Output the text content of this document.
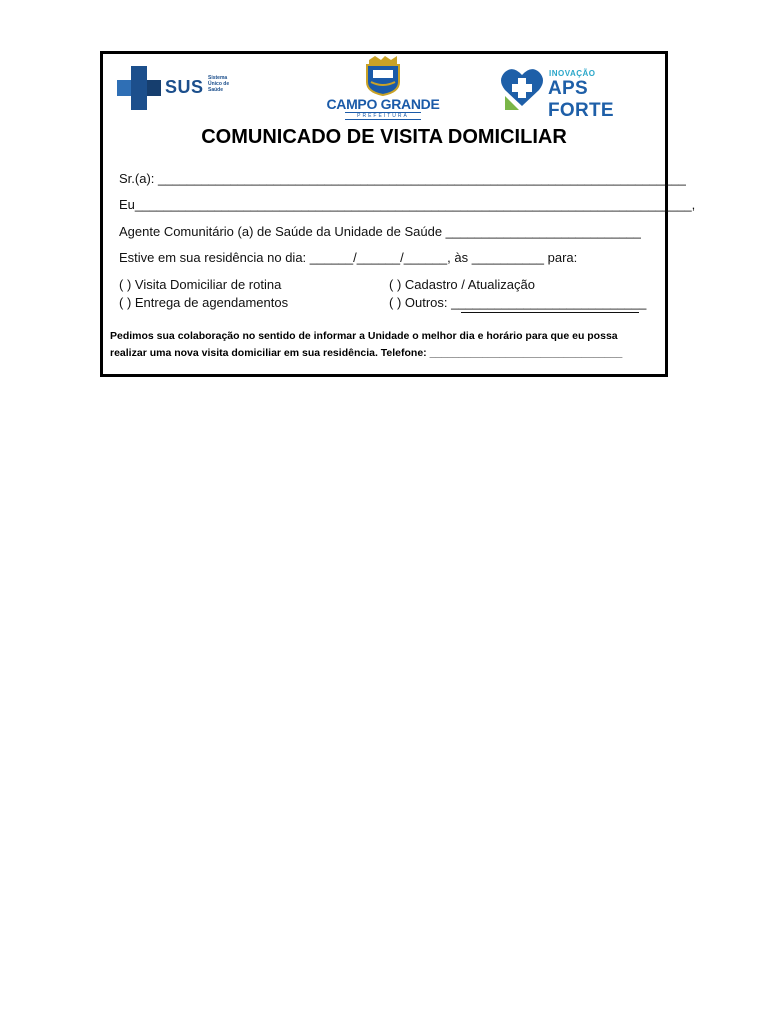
SUS Sistema Único de Saúde
CAMPO GRANDE
PREFEITURA
INOVAÇÃO
APS FORTE
COMUNICADO DE VISITA DOMICILIAR
Sr.(a): _________________________________________________________________________
Eu_____________________________________________________________________________,
Agente Comunitário (a) de Saúde da Unidade de Saúde ___________________________
Estive em sua residência no dia: ______/______/______, às __________ para:
( ) Visita Domiciliar de rotina	( ) Cadastro / Atualização
( ) Entrega de agendamentos	( ) Outros: ___________________________
Pedimos sua colaboração no sentido de informar a Unidade o melhor dia e horário para que eu possa
realizar uma nova visita domiciliar em sua residência. Telefone: _________________________________
